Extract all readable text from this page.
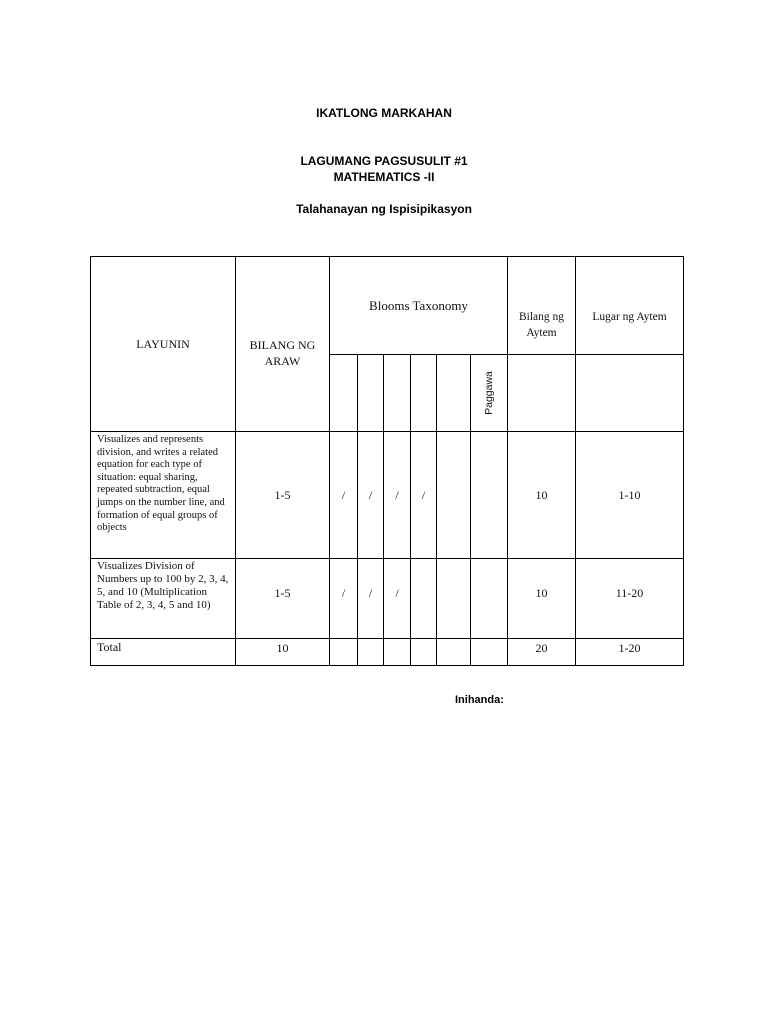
IKATLONG MARKAHAN
LAGUMANG PAGSUSULIT #1
MATHEMATICS -II
Talahanayan ng Ispisipikasyon
LAYUNIN	BILANG NG ARAW	Blooms Taxonomy						Bilang ng Aytem	Lugar ng Aytem

							Paggawa		

Visualizes and represents division, and writes a related equation for each type of situation: equal sharing, repeated subtraction, equal jumps on the number line, and formation of equal groups of objects	1-5	/	/	/	/			10	1-10
Visualizes Division of Numbers up to 100 by 2, 3, 4, 5, and 10 (Multiplication Table of 2, 3, 4, 5 and 10)	1-5	/	/	/				10	11-20
Total	10							20	1-20
Inihanda:
